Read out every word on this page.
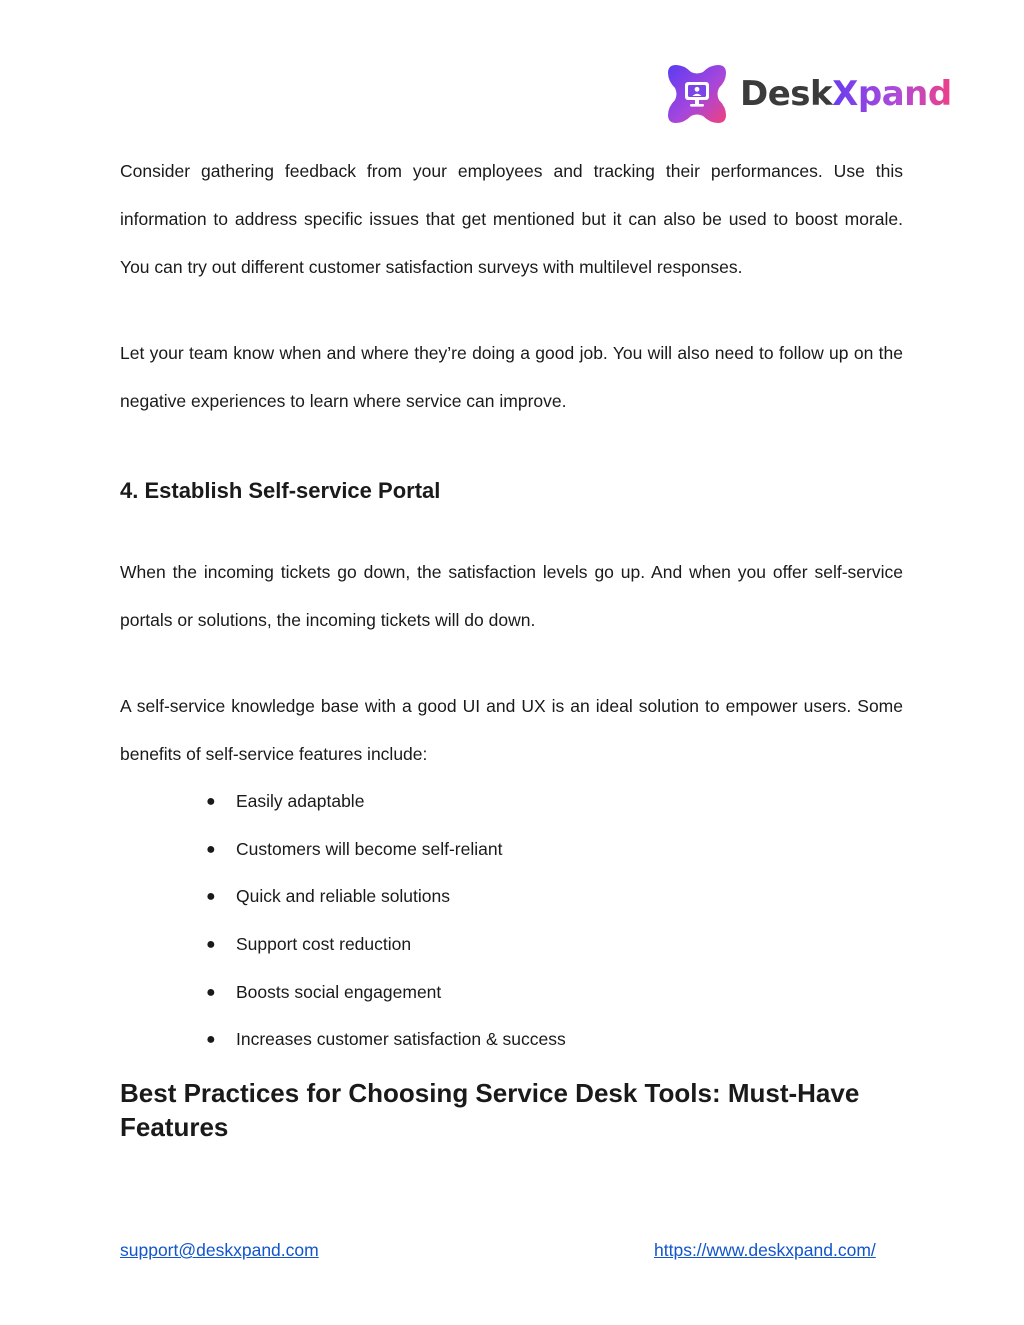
DeskXpand

Consider gathering feedback from your employees and tracking their performances. Use this information to address specific issues that get mentioned but it can also be used to boost morale. You can try out different customer satisfaction surveys with multilevel responses.

Let your team know when and where they’re doing a good job. You will also need to follow up on the negative experiences to learn where service can improve.

4. Establish Self-service Portal

When the incoming tickets go down, the satisfaction levels go up. And when you offer self-service portals or solutions, the incoming tickets will do down.

A self-service knowledge base with a good UI and UX is an ideal solution to empower users. Some benefits of self-service features include:

● Easily adaptable
● Customers will become self-reliant
● Quick and reliable solutions
● Support cost reduction
● Boosts social engagement
● Increases customer satisfaction & success
Best Practices for Choosing Service Desk Tools: Must-Have Features
support@deskxpand.com	https://www.deskxpand.com/
